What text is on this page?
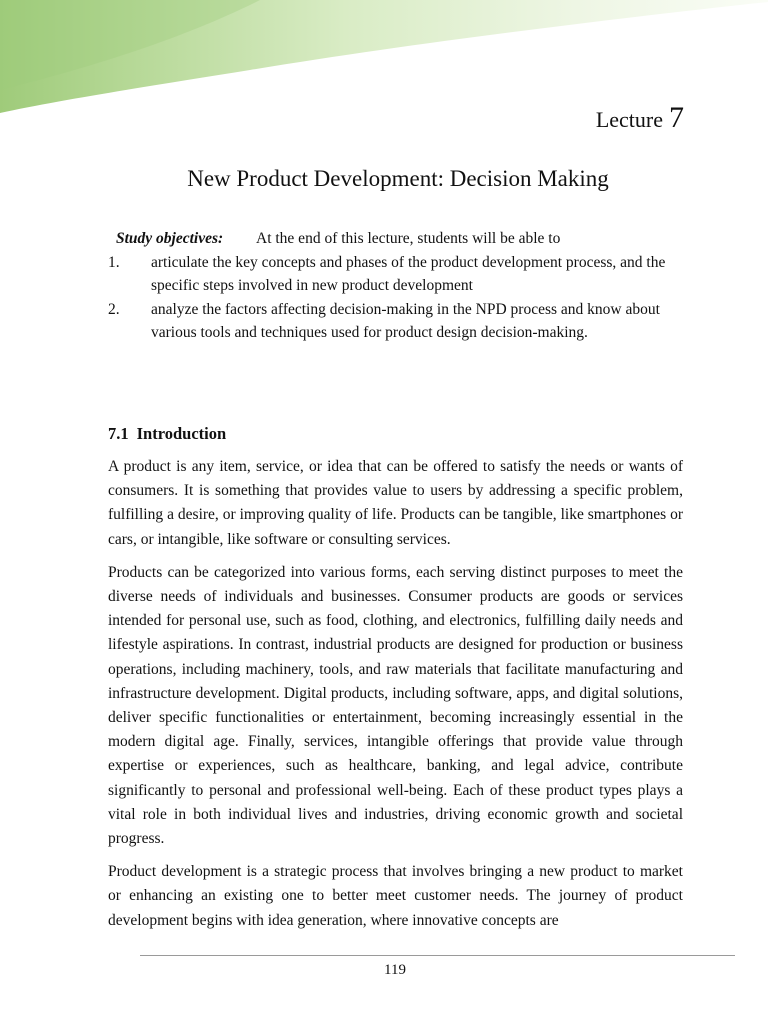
Lecture 7
New Product Development: Decision Making
Study objectives: At the end of this lecture, students will be able to
1.	articulate the key concepts and phases of the product development process, and the specific steps involved in new product development
2.	analyze the factors affecting decision-making in the NPD process and know about various tools and techniques used for product design decision-making.
7.1 Introduction

A product is any item, service, or idea that can be offered to satisfy the needs or wants of consumers. It is something that provides value to users by addressing a specific problem, fulfilling a desire, or improving quality of life. Products can be tangible, like smartphones or cars, or intangible, like software or consulting services.

Products can be categorized into various forms, each serving distinct purposes to meet the diverse needs of individuals and businesses. Consumer products are goods or services intended for personal use, such as food, clothing, and electronics, fulfilling daily needs and lifestyle aspirations. In contrast, industrial products are designed for production or business operations, including machinery, tools, and raw materials that facilitate manufacturing and infrastructure development. Digital products, including software, apps, and digital solutions, deliver specific functionalities or entertainment, becoming increasingly essential in the modern digital age. Finally, services, intangible offerings that provide value through expertise or experiences, such as healthcare, banking, and legal advice, contribute significantly to personal and professional well-being. Each of these product types plays a vital role in both individual lives and industries, driving economic growth and societal progress.

Product development is a strategic process that involves bringing a new product to market or enhancing an existing one to better meet customer needs. The journey of product development begins with idea generation, where innovative concepts are

119
